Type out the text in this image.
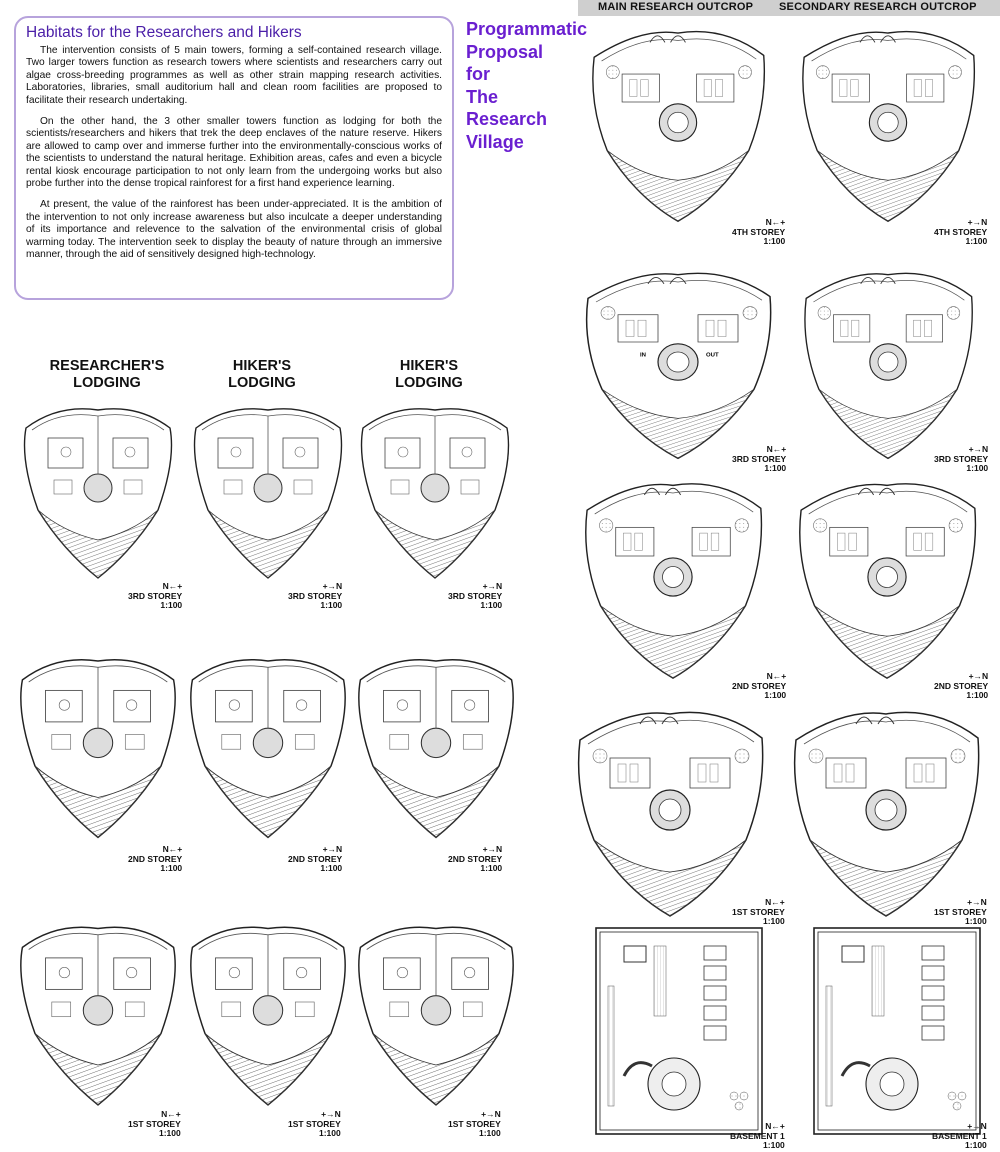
MAIN RESEARCH OUTCROP SECONDARY RESEARCH OUTCROP
Habitats for the Researchers and Hikers

The intervention consists of 5 main towers, forming a self-contained research village. Two larger towers function as research towers where scientists and researchers carry out algae cross-breeding programmes as well as other strain mapping research activities. Laboratories, libraries, small auditorium hall and clean room facilities are proposed to facilitate their research undertaking.

On the other hand, the 3 other smaller towers function as lodging for both the scientists/researchers and hikers that trek the deep enclaves of the nature reserve. Hikers are allowed to camp over and immerse further into the environmentally-conscious works of the scientists to understand the natural heritage. Exhibition areas, cafes and even a bicycle rental kiosk encourage participation to not only learn from the undergoing works but also probe further into the dense tropical rainforest for a first hand experience learning.

At present, the value of the rainforest has been under-appreciated. It is the ambition of the intervention to not only increase awareness but also inculcate a deeper understanding of its importance and relevence to the salvation of the environmental crisis of global warming today. The intervention seek to display the beauty of nature through an immersive manner, through the aid of sensitively designed high-technology.

Programmatic
Proposal
for
The
Research
Village
RESEARCHER'S
LODGING
HIKER'S
LODGING
HIKER'S
LODGING
N←+
3RD STOREY
1:100
+→N
3RD STOREY
1:100
+→N
3RD STOREY
1:100
N←+
2ND STOREY
1:100
+→N
2ND STOREY
1:100
+→N
2ND STOREY
1:100
N←+
1ST STOREY
1:100
+→N
1ST STOREY
1:100
+→N
1ST STOREY
1:100
IN	OUT
N←+
4TH STOREY
1:100
+→N
4TH STOREY
1:100
N←+
3RD STOREY
1:100
+→N
3RD STOREY
1:100
N←+
2ND STOREY
1:100
+→N
2ND STOREY
1:100
N←+
1ST STOREY
1:100
+→N
1ST STOREY
1:100
N←+
BASEMENT 1
1:100
+→N
BASEMENT 1
1:100
